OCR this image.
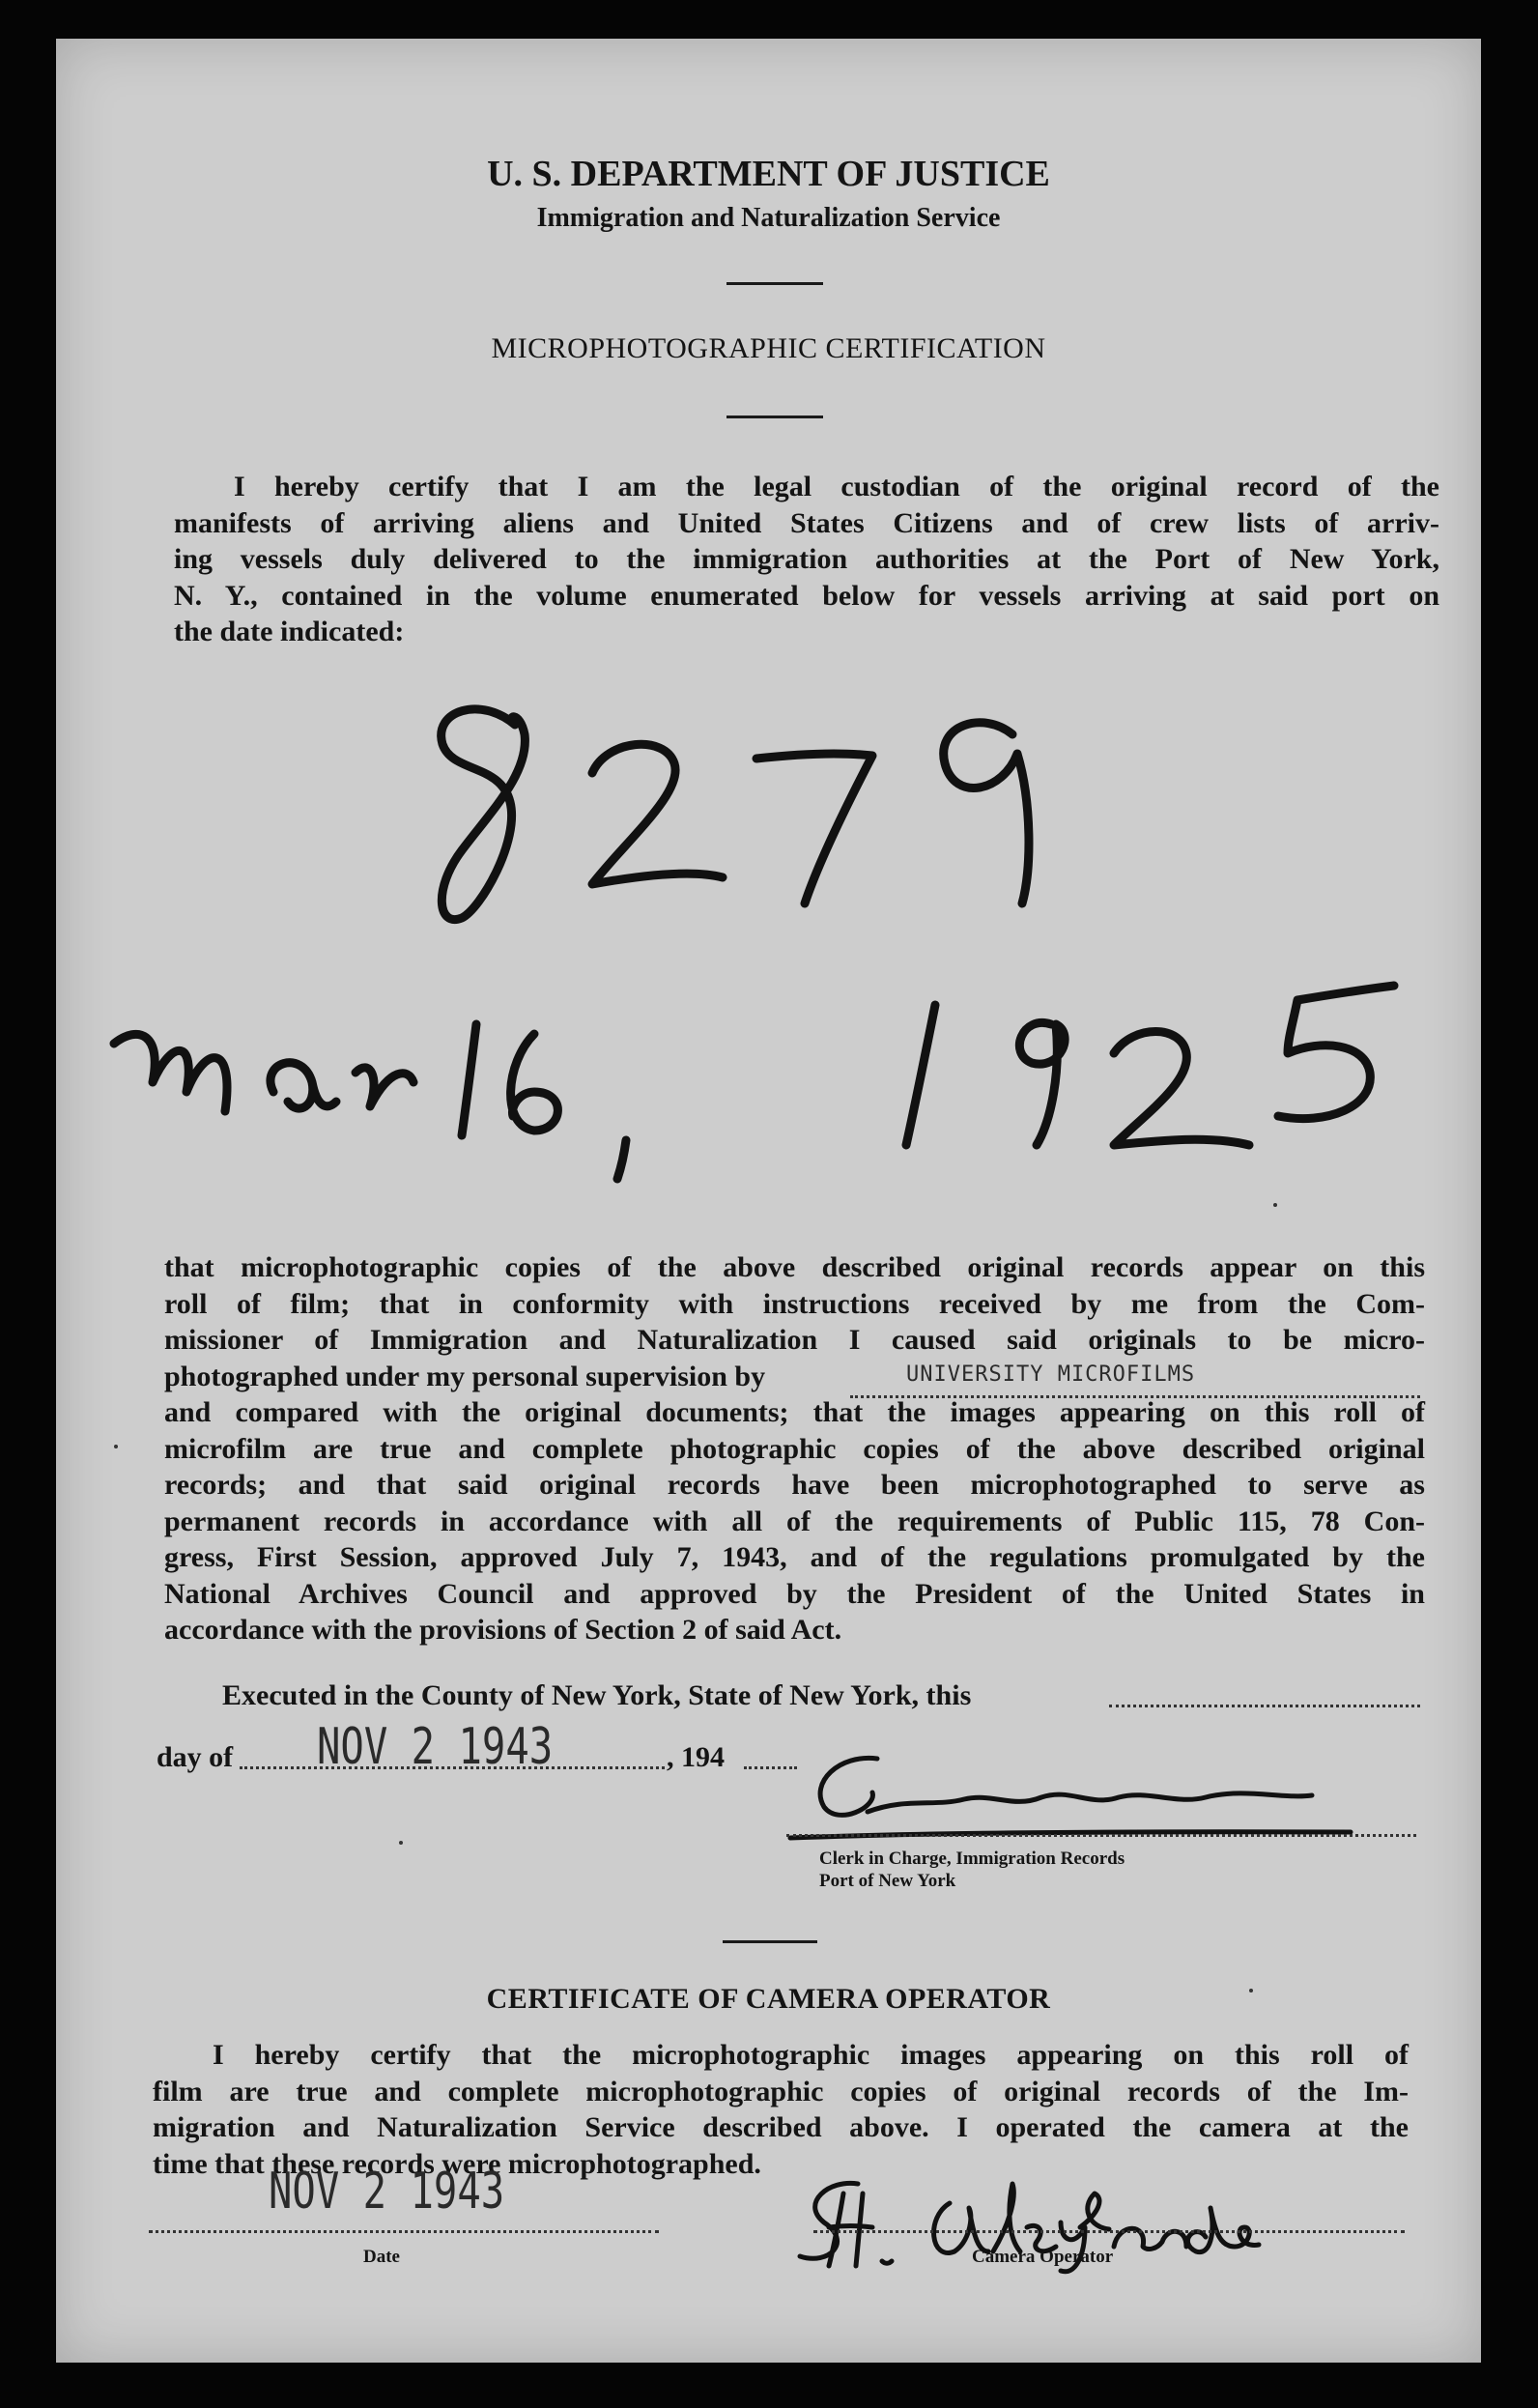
U. S. DEPARTMENT OF JUSTICE
Immigration and Naturalization Service
MICROPHOTOGRAPHIC CERTIFICATION
I hereby certify that I am the legal custodian of the original record of the
manifests of arriving aliens and United States Citizens and of crew lists of arriv-
ing vessels duly delivered to the immigration authorities at the Port of New York,
N. Y., contained in the volume enumerated below for vessels arriving at said port on
the date indicated:
8279
Mar 16, 1925
that microphotographic copies of the above described original records appear on this
roll of film; that in conformity with instructions received by me from the Com-
missioner of Immigration and Naturalization I caused said originals to be micro-
photographed under my personal supervision by
and compared with the original documents; that the images appearing on this roll of
microfilm are true and complete photographic copies of the above described original
records; and that said original records have been microphotographed to serve as
permanent records in accordance with all of the requirements of Public 115, 78 Con-
gress, First Session, approved July 7, 1943, and of the regulations promulgated by the
National Archives Council and approved by the President of the United States in
accordance with the provisions of Section 2 of said Act.
UNIVERSITY MICROFILMS
Executed in the County of New York, State of New York, this
day of NOV 2 1943	, 194
Clerk in Charge, Immigration Records
Port of New York
CERTIFICATE OF CAMERA OPERATOR
I hereby certify that the microphotographic images appearing on this roll of
film are true and complete microphotographic copies of original records of the Im-
migration and Naturalization Service described above. I operated the camera at the
time that these records were microphotographed.
NOV 2 1943
Date	Camera Operator
